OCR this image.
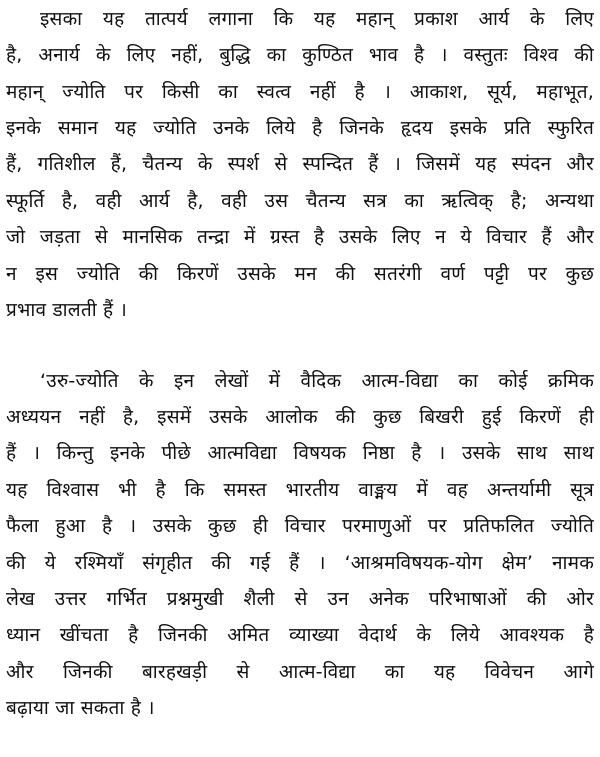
इसका यह तात्पर्य लगाना कि यह महान् प्रकाश आर्य के लिए
है, अनार्य के लिए नहीं, बुद्धि का कुण्ठित भाव है । वस्तुतः विश्व की
महान् ज्योति पर किसी का स्वत्व नहीं है । आकाश, सूर्य, महाभूत,
इनके समान यह ज्योति उनके लिये है जिनके हृदय इसके प्रति स्फुरित
हैं, गतिशील हैं, चैतन्य के स्पर्श से स्पन्दित हैं । जिसमें यह स्पंदन और
स्फूर्ति है, वही आर्य है, वही उस चैतन्य सत्र का ऋत्विक् है; अन्यथा
जो जड़ता से मानसिक तन्द्रा में ग्रस्त है उसके लिए न ये विचार हैं और
न इस ज्योति की किरणें उसके मन की सतरंगी वर्ण पट्टी पर कुछ
प्रभाव डालती हैं ।
‘उरु-ज्योति के इन लेखों में वैदिक आत्म-विद्या का कोई क्रमिक
अध्ययन नहीं है, इसमें उसके आलोक की कुछ बिखरी हुई किरणें ही
हैं । किन्तु इनके पीछे आत्मविद्या विषयक निष्ठा है । उसके साथ साथ
यह विश्वास भी है कि समस्त भारतीय वाङ्मय में वह अन्तर्यामी सूत्र
फैला हुआ है । उसके कुछ ही विचार परमाणुओं पर प्रतिफलित ज्योति
की ये रश्मियाँ संगृहीत की गई हैं । ‘आश्रमविषयक-योग क्षेम’ नामक
लेख उत्तर गर्भित प्रश्नमुखी शैली से उन अनेक परिभाषाओं की ओर
ध्यान खींचता है जिनकी अमित व्याख्या वेदार्थ के लिये आवश्यक है
और जिनकी बारहखड़ी से आत्म-विद्या का यह विवेचन आगे
बढ़ाया जा सकता है ।
